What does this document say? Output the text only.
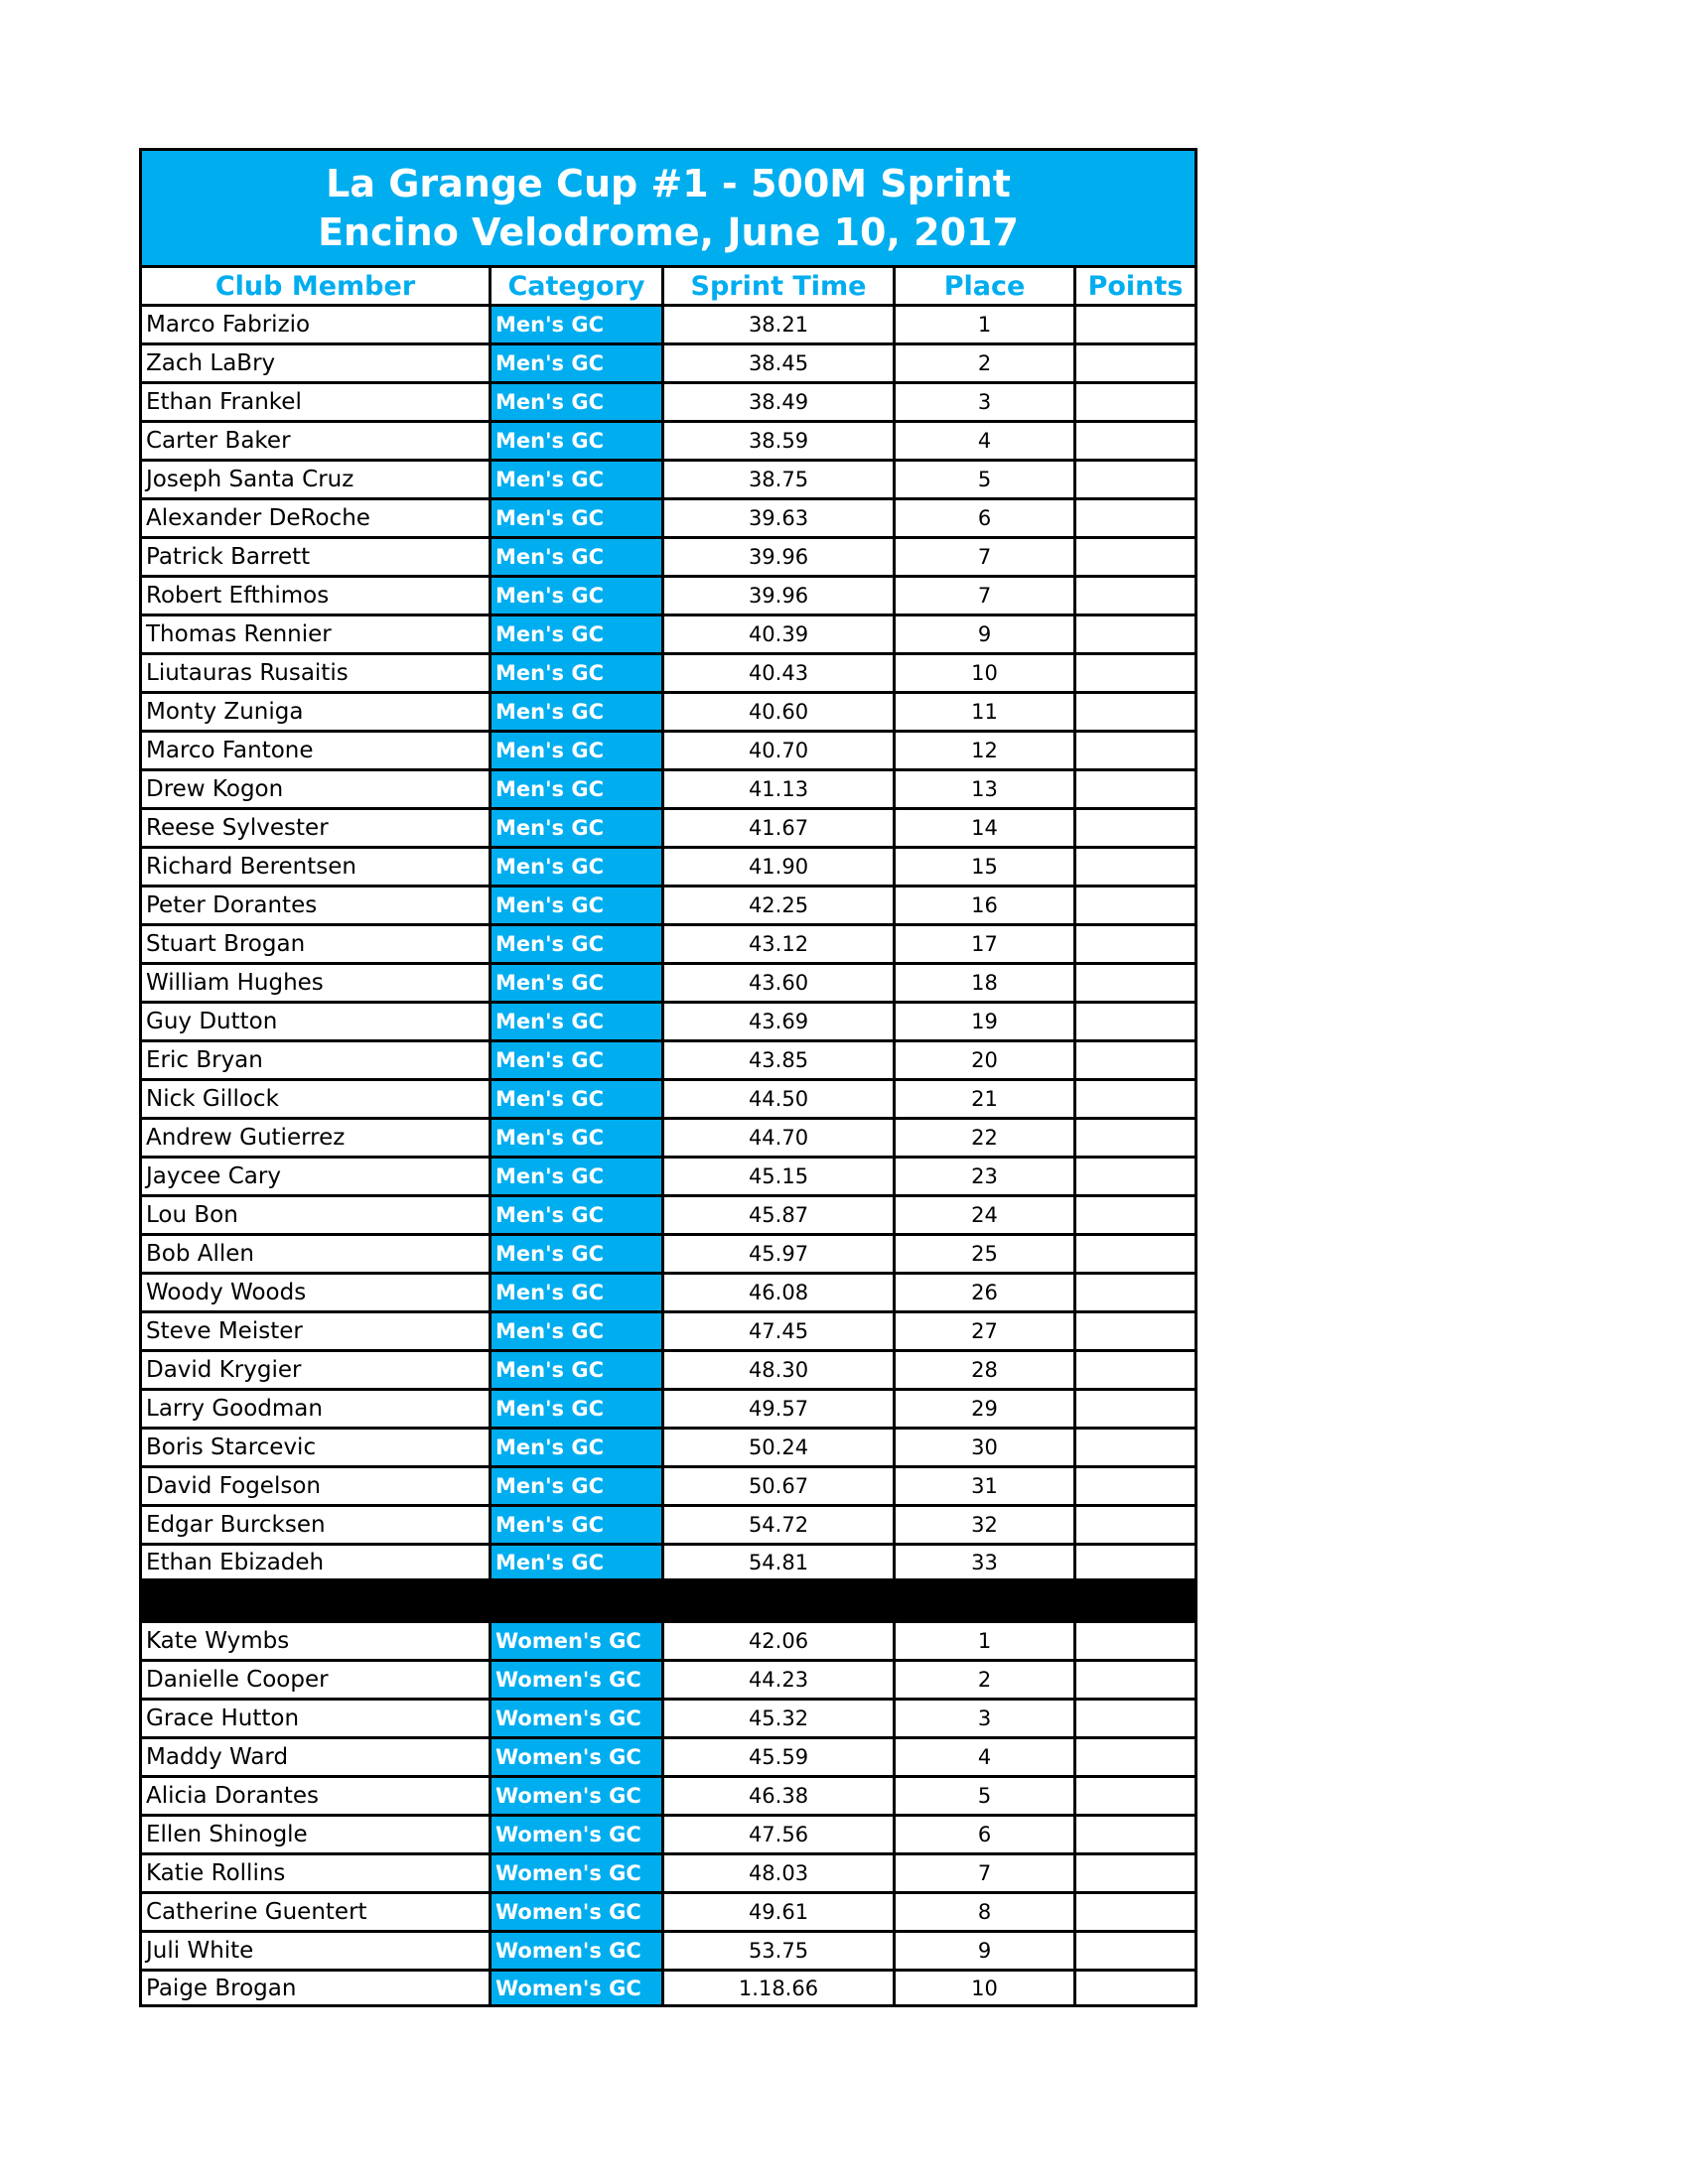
La Grange Cup #1 - 500M Sprint
Encino Velodrome, June 10, 2017
Club Member	Category	Sprint Time	Place	Points
Marco Fabrizio	Men's GC	38.21	1
Zach LaBry	Men's GC	38.45	2
Ethan Frankel	Men's GC	38.49	3
Carter Baker	Men's GC	38.59	4
Joseph Santa Cruz	Men's GC	38.75	5
Alexander DeRoche	Men's GC	39.63	6
Patrick Barrett	Men's GC	39.96	7
Robert Efthimos	Men's GC	39.96	7
Thomas Rennier	Men's GC	40.39	9
Liutauras Rusaitis	Men's GC	40.43	10
Monty Zuniga	Men's GC	40.60	11
Marco Fantone	Men's GC	40.70	12
Drew Kogon	Men's GC	41.13	13
Reese Sylvester	Men's GC	41.67	14
Richard Berentsen	Men's GC	41.90	15
Peter Dorantes	Men's GC	42.25	16
Stuart Brogan	Men's GC	43.12	17
William Hughes	Men's GC	43.60	18
Guy Dutton	Men's GC	43.69	19
Eric Bryan	Men's GC	43.85	20
Nick Gillock	Men's GC	44.50	21
Andrew Gutierrez	Men's GC	44.70	22
Jaycee Cary	Men's GC	45.15	23
Lou Bon	Men's GC	45.87	24
Bob Allen	Men's GC	45.97	25
Woody Woods	Men's GC	46.08	26
Steve Meister	Men's GC	47.45	27
David Krygier	Men's GC	48.30	28
Larry Goodman	Men's GC	49.57	29
Boris Starcevic	Men's GC	50.24	30
David Fogelson	Men's GC	50.67	31
Edgar Burcksen	Men's GC	54.72	32
Ethan Ebizadeh	Men's GC	54.81	33
Kate Wymbs	Women's GC	42.06	1
Danielle Cooper	Women's GC	44.23	2
Grace Hutton	Women's GC	45.32	3
Maddy Ward	Women's GC	45.59	4
Alicia Dorantes	Women's GC	46.38	5
Ellen Shinogle	Women's GC	47.56	6
Katie Rollins	Women's GC	48.03	7
Catherine Guentert	Women's GC	49.61	8
Juli White	Women's GC	53.75	9
Paige Brogan	Women's GC	1.18.66	10
